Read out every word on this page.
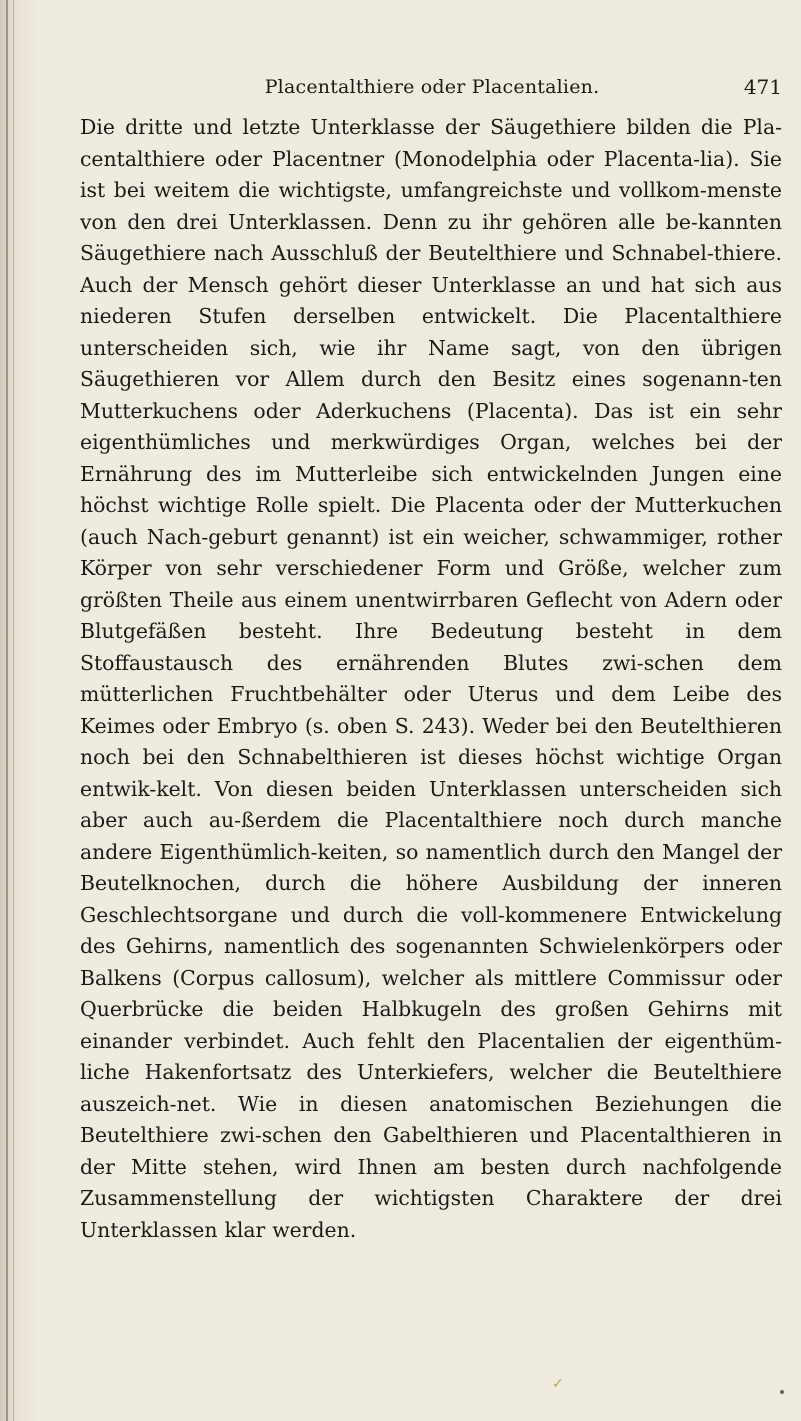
Placentalthiere oder Placentalien.	471

Die dritte und letzte Unterklasse der Säugethiere bilden die Pla-centalthiere oder Placentner (Monodelphia oder Placenta-lia). Sie ist bei weitem die wichtigste, umfangreichste und vollkom-menste von den drei Unterklassen. Denn zu ihr gehören alle be-kannten Säugethiere nach Ausschluß der Beutelthiere und Schnabel-thiere. Auch der Mensch gehört dieser Unterklasse an und hat sich aus niederen Stufen derselben entwickelt. Die Placentalthiere unterscheiden sich, wie ihr Name sagt, von den übrigen Säugethieren vor Allem durch den Besitz eines sogenann-ten Mutterkuchens oder Aderkuchens (Placenta). Das ist ein sehr eigenthümliches und merkwürdiges Organ, welches bei der Ernährung des im Mutterleibe sich entwickelnden Jungen eine höchst wichtige Rolle spielt. Die Placenta oder der Mutterkuchen (auch Nach-geburt genannt) ist ein weicher, schwammiger, rother Körper von sehr verschiedener Form und Größe, welcher zum größten Theile aus einem unentwirrbaren Geflecht von Adern oder Blutgefäßen besteht. Ihre Bedeutung besteht in dem Stoffaustausch des ernährenden Blutes zwi-schen dem mütterlichen Fruchtbehälter oder Uterus und dem Leibe des Keimes oder Embryo (s. oben S. 243). Weder bei den Beutelthieren noch bei den Schnabelthieren ist dieses höchst wichtige Organ entwik-kelt. Von diesen beiden Unterklassen unterscheiden sich aber auch au-ßerdem die Placentalthiere noch durch manche andere Eigenthümlich-keiten, so namentlich durch den Mangel der Beutelknochen, durch die höhere Ausbildung der inneren Geschlechtsorgane und durch die voll-kommenere Entwickelung des Gehirns, namentlich des sogenannten Schwielenkörpers oder Balkens (Corpus callosum), welcher als mittlere Commissur oder Querbrücke die beiden Halbkugeln des großen Gehirns mit einander verbindet. Auch fehlt den Placentalien der eigenthüm-liche Hakenfortsatz des Unterkiefers, welcher die Beutelthiere auszeich-net. Wie in diesen anatomischen Beziehungen die Beutelthiere zwi-schen den Gabelthieren und Placentalthieren in der Mitte stehen, wird Ihnen am besten durch nachfolgende Zusammenstellung der wichtigsten Charaktere der drei Unterklassen klar werden.

✓
